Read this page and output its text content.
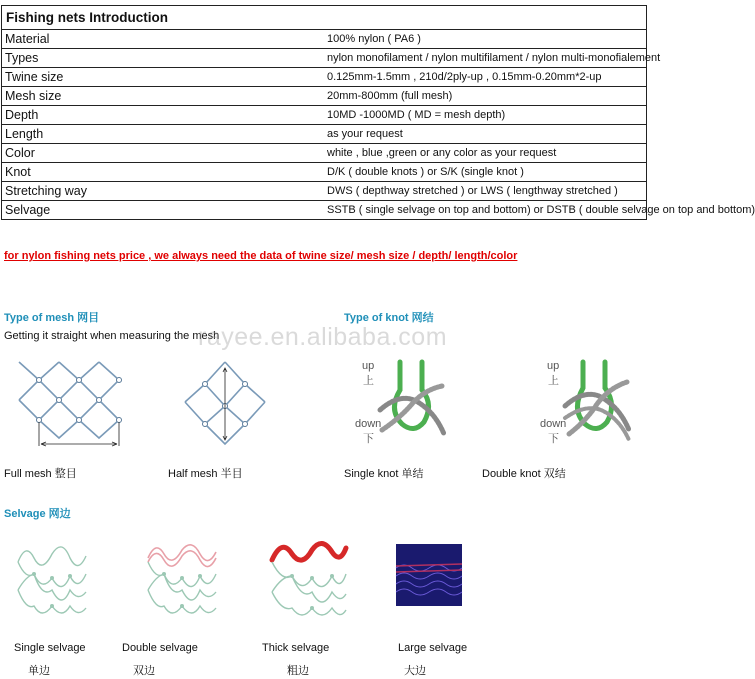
Fishing nets Introduction	
Material	100% nylon ( PA6 )
Types	nylon monofilament / nylon multifilament / nylon multi-monofialement
Twine size	0.125mm-1.5mm , 210d/2ply-up , 0.15mm-0.20mm*2-up
Mesh size	20mm-800mm (full mesh)
Depth	10MD -1000MD ( MD = mesh depth)
Length	as your request
Color	white , blue ,green or any color as your request
Knot	D/K ( double knots ) or S/K (single knot )
Stretching way	DWS ( depthway stretched ) or LWS ( lengthway stretched )
Selvage	SSTB ( single selvage on top and bottom) or DSTB ( double selvage on top and bottom)
for nylon fishing nets price , we always need the data of twine size/ mesh size / depth/ length/color
Type of mesh 网目
Getting it straight when measuring the mesh
rayee.en.alibaba.com
Full mesh 整目	Half mesh 半目
Type of knot 网结
up
上
down
下
up
上
down
下
Single knot 单结	Double knot 双结
Selvage 网边
Single selvage	Double selvage	Thick selvage	Large selvage
单边	双边	粗边	大边
